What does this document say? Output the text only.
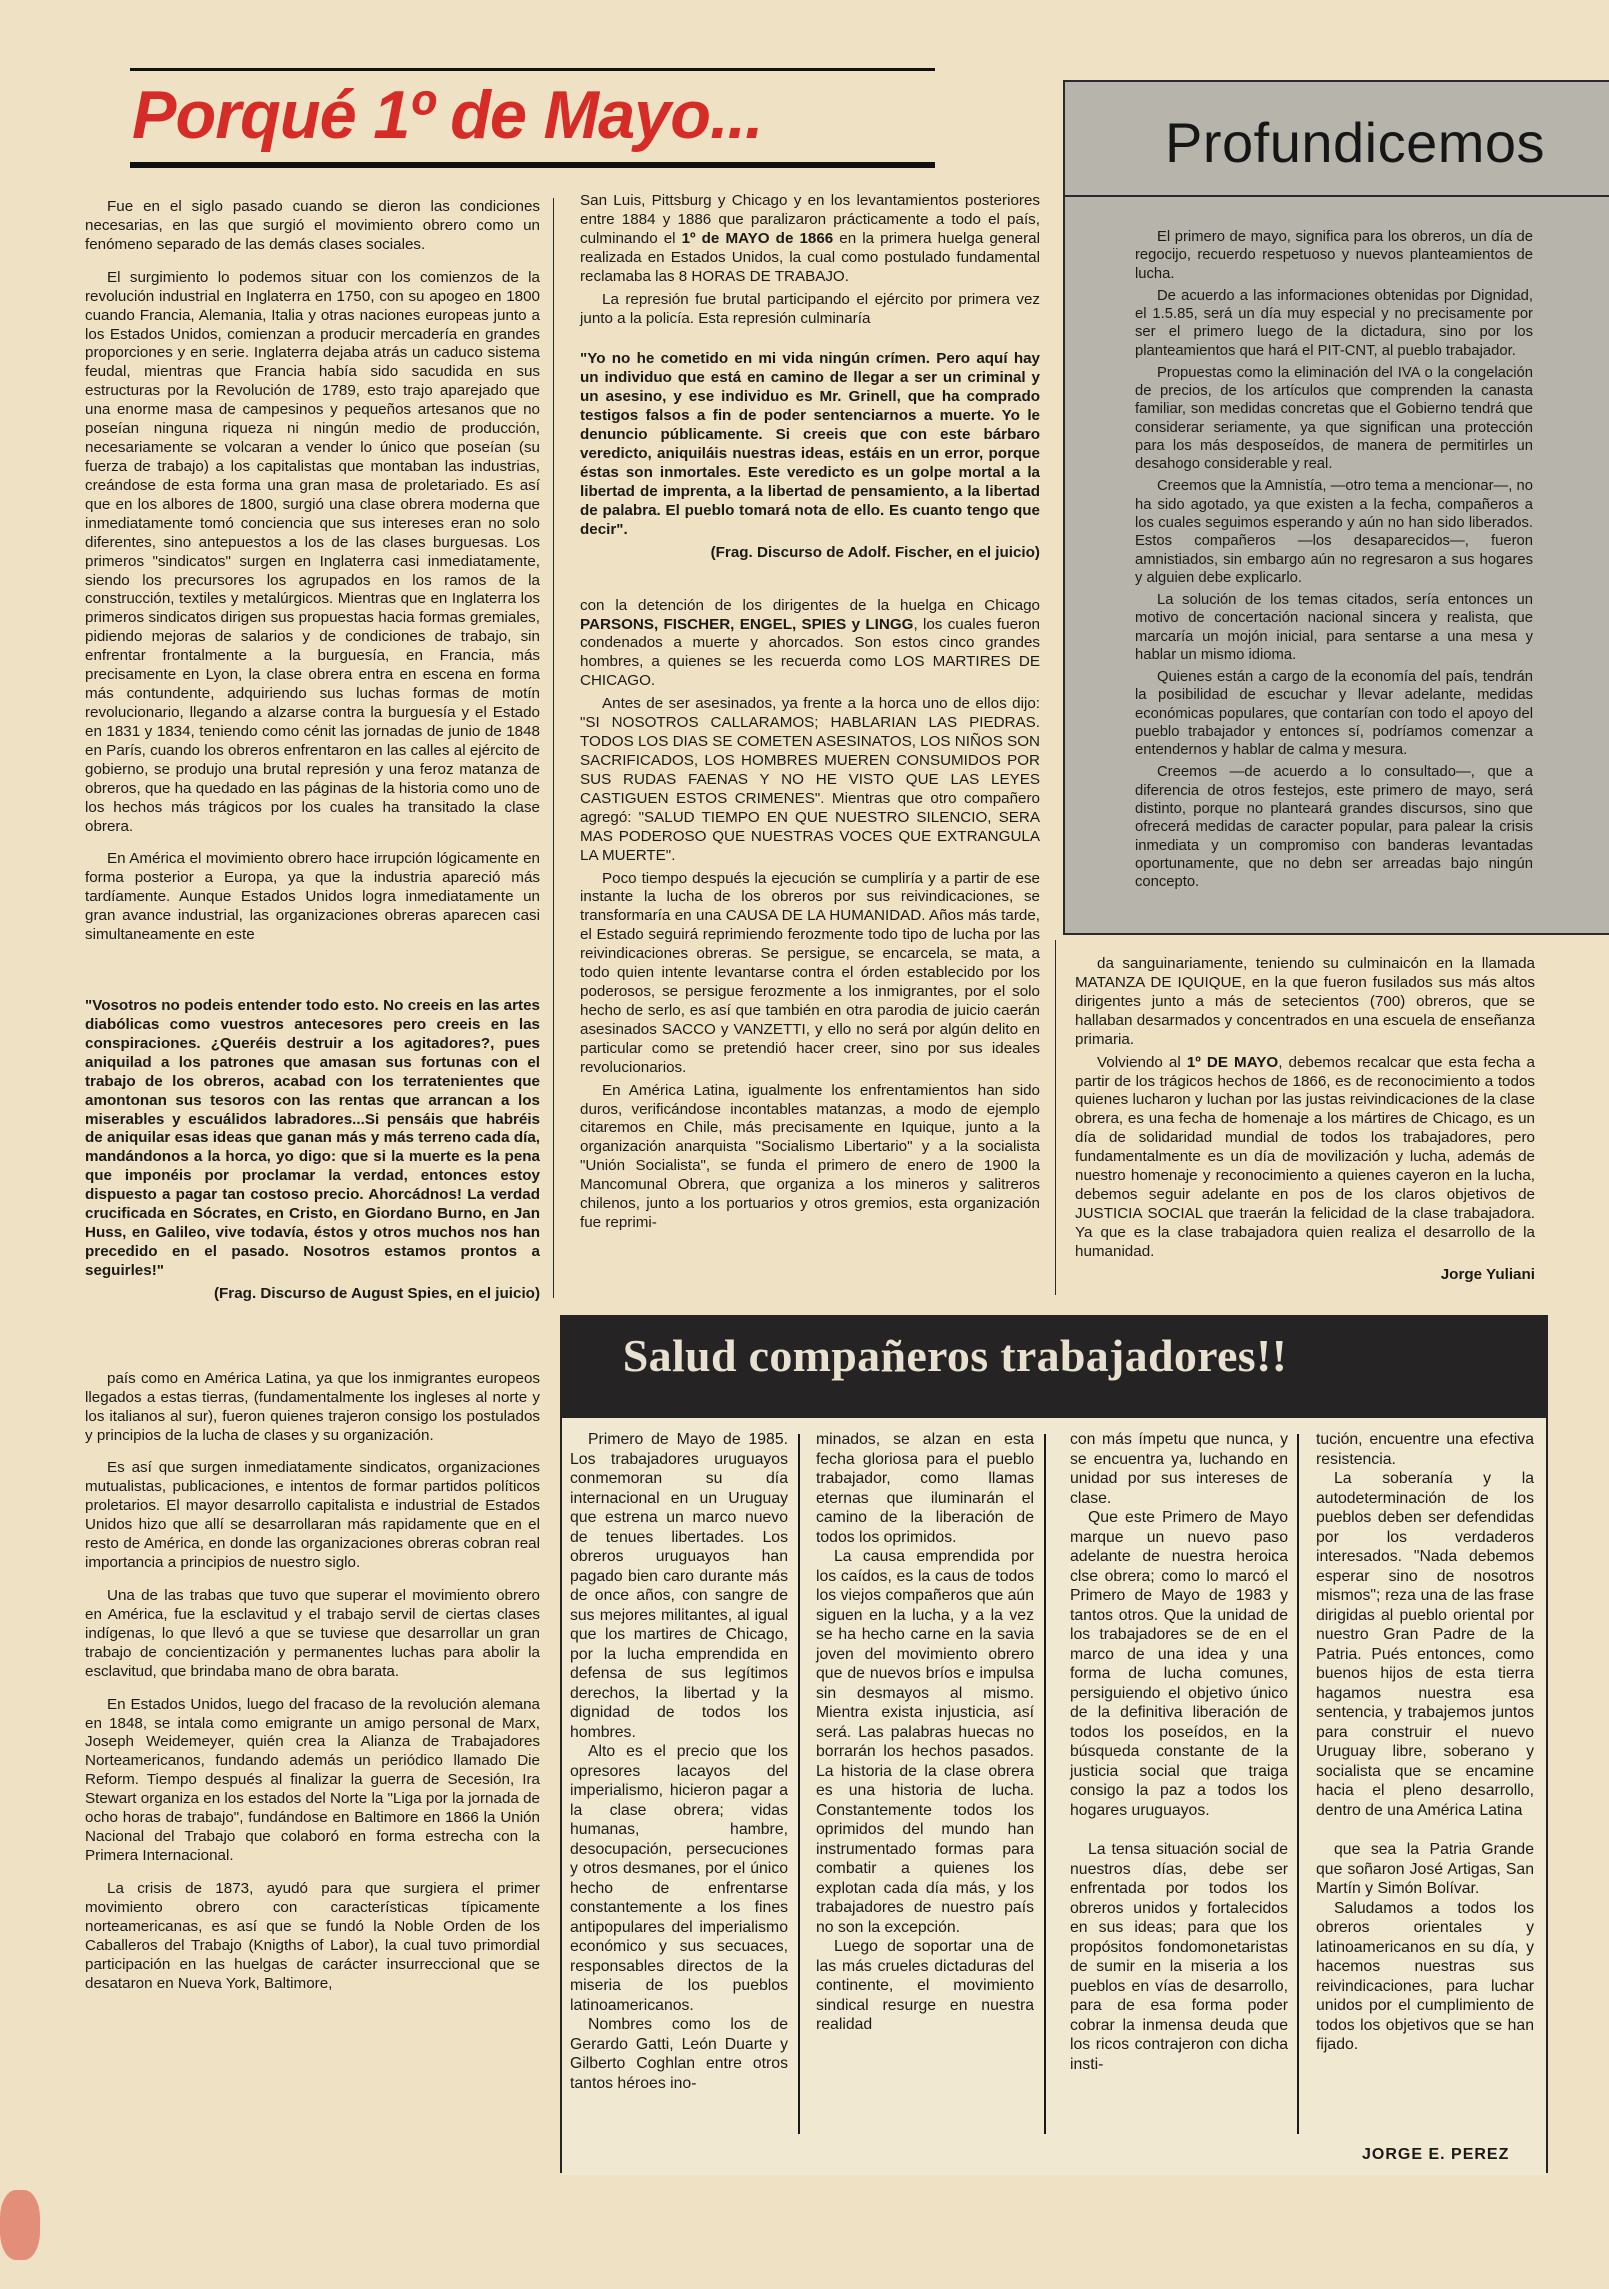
Porqué 1º de Mayo...	Profundicemos

El primero de mayo, significa para los obreros, un día de regocijo, recuerdo respetuoso y nuevos planteamientos de lucha.

De acuerdo a las informaciones obtenidas por Dignidad, el 1.5.85, será un día muy especial y no precisamente por ser el primero luego de la dictadura, sino por los planteamientos que hará el PIT-CNT, al pueblo trabajador.

Propuestas como la eliminación del IVA o la congelación de precios, de los artículos que comprenden la canasta familiar, son medidas concretas que el Gobierno tendrá que considerar seriamente, ya que significan una protección para los más desposeídos, de manera de permitirles un desahogo considerable y real.

Creemos que la Amnistía, —otro tema a mencionar—, no ha sido agotado, ya que existen a la fecha, compañeros a los cuales seguimos esperando y aún no han sido liberados. Estos compañeros —los desaparecidos—, fueron amnistiados, sin embargo aún no regresaron a sus hogares y alguien debe explicarlo.

La solución de los temas citados, sería entonces un motivo de concertación nacional sincera y realista, que marcaría un mojón inicial, para sentarse a una mesa y hablar un mismo idioma.

Quienes están a cargo de la economía del país, tendrán la posibilidad de escuchar y llevar adelante, medidas económicas populares, que contarían con todo el apoyo del pueblo trabajador y entonces sí, podríamos comenzar a entendernos y hablar de calma y mesura.

Creemos —de acuerdo a lo consultado—, que a diferencia de otros festejos, este primero de mayo, será distinto, porque no planteará grandes discursos, sino que ofrecerá medidas de caracter popular, para palear la crisis inmediata y un compromiso con banderas levantadas oportunamente, que no debn ser arreadas bajo ningún concepto.

Fue en el siglo pasado cuando se dieron las condiciones necesarias, en las que surgió el movimiento obrero como un fenómeno separado de las demás clases sociales.

El surgimiento lo podemos situar con los comienzos de la revolución industrial en Inglaterra en 1750, con su apogeo en 1800 cuando Francia, Alemania, Italia y otras naciones europeas junto a los Estados Unidos, comienzan a producir mercadería en grandes proporciones y en serie. Inglaterra dejaba atrás un caduco sistema feudal, mientras que Francia había sido sacudida en sus estructuras por la Revolución de 1789, esto trajo aparejado que una enorme masa de campesinos y pequeños artesanos que no poseían ninguna riqueza ni ningún medio de producción, necesariamente se volcaran a vender lo único que poseían (su fuerza de trabajo) a los capitalistas que montaban las industrias, creándose de esta forma una gran masa de proletariado. Es así que en los albores de 1800, surgió una clase obrera moderna que inmediatamente tomó conciencia que sus intereses eran no solo diferentes, sino antepuestos a los de las clases burguesas. Los primeros "sindicatos" surgen en Inglaterra casi inmediatamente, siendo los precursores los agrupados en los ramos de la construcción, textiles y metalúrgicos. Mientras que en Inglaterra los primeros sindicatos dirigen sus propuestas hacia formas gremiales, pidiendo mejoras de salarios y de condiciones de trabajo, sin enfrentar frontalmente a la burguesía, en Francia, más precisamente en Lyon, la clase obrera entra en escena en forma más contundente, adquiriendo sus luchas formas de motín revolucionario, llegando a alzarse contra la burguesía y el Estado en 1831 y 1834, teniendo como cénit las jornadas de junio de 1848 en París, cuando los obreros enfrentaron en las calles al ejército de gobierno, se produjo una brutal represión y una feroz matanza de obreros, que ha quedado en las páginas de la historia como uno de los hechos más trágicos por los cuales ha transitado la clase obrera.

En América el movimiento obrero hace irrupción lógicamente en forma posterior a Europa, ya que la industria apareció más tardíamente. Aunque Estados Unidos logra inmediatamente un gran avance industrial, las organizaciones obreras aparecen casi simultaneamente en este

"Vosotros no podeis entender todo esto. No creeis en las artes diabólicas como vuestros antecesores pero creeis en las conspiraciones. ¿Queréis destruir a los agitadores?, pues aniquilad a los patrones que amasan sus fortunas con el trabajo de los obreros, acabad con los terratenientes que amontonan sus tesoros con las rentas que arrancan a los miserables y escuálidos labradores...Si pensáis que habréis de aniquilar esas ideas que ganan más y más terreno cada día, mandándonos a la horca, yo digo: que si la muerte es la pena que imponéis por proclamar la verdad, entonces estoy dispuesto a pagar tan costoso precio. Ahorcádnos! La verdad crucificada en Sócrates, en Cristo, en Giordano Burno, en Jan Huss, en Galileo, vive todavía, éstos y otros muchos nos han precedido en el pasado. Nosotros estamos prontos a seguirles!"

(Frag. Discurso de August Spies, en el juicio)

país como en América Latina, ya que los inmigrantes europeos llegados a estas tierras, (fundamentalmente los ingleses al norte y los italianos al sur), fueron quienes trajeron consigo los postulados y principios de la lucha de clases y su organización.

Es así que surgen inmediatamente sindicatos, organizaciones mutualistas, publicaciones, e intentos de formar partidos políticos proletarios. El mayor desarrollo capitalista e industrial de Estados Unidos hizo que allí se desarrollaran más rapidamente que en el resto de América, en donde las organizaciones obreras cobran real importancia a principios de nuestro siglo.

Una de las trabas que tuvo que superar el movimiento obrero en América, fue la esclavitud y el trabajo servil de ciertas clases indígenas, lo que llevó a que se tuviese que desarrollar un gran trabajo de concientización y permanentes luchas para abolir la esclavitud, que brindaba mano de obra barata.

En Estados Unidos, luego del fracaso de la revolución alemana en 1848, se intala como emigrante un amigo personal de Marx, Joseph Weidemeyer, quién crea la Alianza de Trabajadores Norteamericanos, fundando además un periódico llamado Die Reform. Tiempo después al finalizar la guerra de Secesión, Ira Stewart organiza en los estados del Norte la "Liga por la jornada de ocho horas de trabajo", fundándose en Baltimore en 1866 la Unión Nacional del Trabajo que colaboró en forma estrecha con la Primera Internacional.

La crisis de 1873, ayudó para que surgiera el primer movimiento obrero con características típicamente norteamericanas, es así que se fundó la Noble Orden de los Caballeros del Trabajo (Knigths of Labor), la cual tuvo primordial participación en las huelgas de carácter insurreccional que se desataron en Nueva York, Baltimore,

San Luis, Pittsburg y Chicago y en los levantamientos posteriores entre 1884 y 1886 que paralizaron prácticamente a todo el país, culminando el 1º de MAYO de 1866 en la primera huelga general realizada en Estados Unidos, la cual como postulado fundamental reclamaba las 8 HORAS DE TRABAJO.

La represión fue brutal participando el ejército por primera vez junto a la policía. Esta represión culminaría

"Yo no he cometido en mi vida ningún crímen. Pero aquí hay un individuo que está en camino de llegar a ser un criminal y un asesino, y ese individuo es Mr. Grinell, que ha comprado testigos falsos a fin de poder sentenciarnos a muerte. Yo le denuncio públicamente. Si creeis que con este bárbaro veredicto, aniquiláis nuestras ideas, estáis en un error, porque éstas son inmortales. Este veredicto es un golpe mortal a la libertad de imprenta, a la libertad de pensamiento, a la libertad de palabra. El pueblo tomará nota de ello. Es cuanto tengo que decir".

(Frag. Discurso de Adolf. Fischer, en el juicio)

con la detención de los dirigentes de la huelga en Chicago PARSONS, FISCHER, ENGEL, SPIES y LINGG, los cuales fueron condenados a muerte y ahorcados. Son estos cinco grandes hombres, a quienes se les recuerda como LOS MARTIRES DE CHICAGO.

Antes de ser asesinados, ya frente a la horca uno de ellos dijo: "SI NOSOTROS CALLARAMOS; HABLARIAN LAS PIEDRAS. TODOS LOS DIAS SE COMETEN ASESINATOS, LOS NIÑOS SON SACRIFICADOS, LOS HOMBRES MUEREN CONSUMIDOS POR SUS RUDAS FAENAS Y NO HE VISTO QUE LAS LEYES CASTIGUEN ESTOS CRIMENES". Mientras que otro compañero agregó: "SALUD TIEMPO EN QUE NUESTRO SILENCIO, SERA MAS PODEROSO QUE NUESTRAS VOCES QUE EXTRANGULA LA MUERTE".

Poco tiempo después la ejecución se cumpliría y a partir de ese instante la lucha de los obreros por sus reivindicaciones, se transformaría en una CAUSA DE LA HUMANIDAD. Años más tarde, el Estado seguirá reprimiendo ferozmente todo tipo de lucha por las reivindicaciones obreras. Se persigue, se encarcela, se mata, a todo quien intente levantarse contra el órden establecido por los poderosos, se persigue ferozmente a los inmigrantes, por el solo hecho de serlo, es así que también en otra parodia de juicio caerán asesinados SACCO y VANZETTI, y ello no será por algún delito en particular como se pretendió hacer creer, sino por sus ideales revolucionarios.

En América Latina, igualmente los enfrentamientos han sido duros, verificándose incontables matanzas, a modo de ejemplo citaremos en Chile, más precisamente en Iquique, junto a la organización anarquista "Socialismo Libertario" y a la socialista "Unión Socialista", se funda el primero de enero de 1900 la Mancomunal Obrera, que organiza a los mineros y salitreros chilenos, junto a los portuarios y otros gremios, esta organización fue reprimi-

da sanguinariamente, teniendo su culminaicón en la llamada MATANZA DE IQUIQUE, en la que fueron fusilados sus más altos dirigentes junto a más de setecientos (700) obreros, que se hallaban desarmados y concentrados en una escuela de enseñanza primaria.

Volviendo al 1º DE MAYO, debemos recalcar que esta fecha a partir de los trágicos hechos de 1866, es de reconocimiento a todos quienes lucharon y luchan por las justas reivindicaciones de la clase obrera, es una fecha de homenaje a los mártires de Chicago, es un día de solidaridad mundial de todos los trabajadores, pero fundamentalmente es un día de movilización y lucha, además de nuestro homenaje y reconocimiento a quienes cayeron en la lucha, debemos seguir adelante en pos de los claros objetivos de JUSTICIA SOCIAL que traerán la felicidad de la clase trabajadora. Ya que es la clase trabajadora quien realiza el desarrollo de la humanidad.

Jorge Yuliani

Salud compañeros trabajadores!!

Primero de Mayo de 1985. Los trabajadores uruguayos conmemoran su día internacional en un Uruguay que estrena un marco nuevo de tenues libertades. Los obreros uruguayos han pagado bien caro durante más de once años, con sangre de sus mejores militantes, al igual que los martires de Chicago, por la lucha emprendida en defensa de sus legítimos derechos, la libertad y la dignidad de todos los hombres.

Alto es el precio que los opresores lacayos del imperialismo, hicieron pagar a la clase obrera; vidas humanas, hambre, desocupación, persecuciones y otros desmanes, por el único hecho de enfrentarse constantemente a los fines antipopulares del imperialismo económico y sus secuaces, responsables directos de la miseria de los pueblos latinoamericanos.

Nombres como los de Gerardo Gatti, León Duarte y Gilberto Coghlan entre otros tantos héroes ino-

minados, se alzan en esta fecha gloriosa para el pueblo trabajador, como llamas eternas que iluminarán el camino de la liberación de todos los oprimidos.

La causa emprendida por los caídos, es la caus de todos los viejos compañeros que aún siguen en la lucha, y a la vez se ha hecho carne en la savia joven del movimiento obrero que de nuevos bríos e impulsa sin desmayos al mismo. Mientra exista injusticia, así será. Las palabras huecas no borrarán los hechos pasados. La historia de la clase obrera es una historia de lucha. Constantemente todos los oprimidos del mundo han instrumentado formas para combatir a quienes los explotan cada día más, y los trabajadores de nuestro país no son la excepción.

Luego de soportar una de las más crueles dictaduras del continente, el movimiento sindical resurge en nuestra realidad

con más ímpetu que nunca, y se encuentra ya, luchando en unidad por sus intereses de clase.

Que este Primero de Mayo marque un nuevo paso adelante de nuestra heroica clse obrera; como lo marcó el Primero de Mayo de 1983 y tantos otros. Que la unidad de los trabajadores se de en el marco de una idea y una forma de lucha comunes, persiguiendo el objetivo único de la definitiva liberación de todos los poseídos, en la búsqueda constante de la justicia social que traiga consigo la paz a todos los hogares uruguayos.

La tensa situación social de nuestros días, debe ser enfrentada por todos los obreros unidos y fortalecidos en sus ideas; para que los propósitos fondomonetaristas de sumir en la miseria a los pueblos en vías de desarrollo, para de esa forma poder cobrar la inmensa deuda que los ricos contrajeron con dicha insti-

tución, encuentre una efectiva resistencia.

La soberanía y la autodeterminación de los pueblos deben ser defendidas por los verdaderos interesados. "Nada debemos esperar sino de nosotros mismos"; reza una de las frase dirigidas al pueblo oriental por nuestro Gran Padre de la Patria. Pués entonces, como buenos hijos de esta tierra hagamos nuestra esa sentencia, y trabajemos juntos para construir el nuevo Uruguay libre, soberano y socialista que se encamine hacia el pleno desarrollo, dentro de una América Latina

que sea la Patria Grande que soñaron José Artigas, San Martín y Simón Bolívar.

Saludamos a todos los obreros orientales y latinoamericanos en su día, y hacemos nuestras sus reivindicaciones, para luchar unidos por el cumplimiento de todos los objetivos que se han fijado.

JORGE E. PEREZ
